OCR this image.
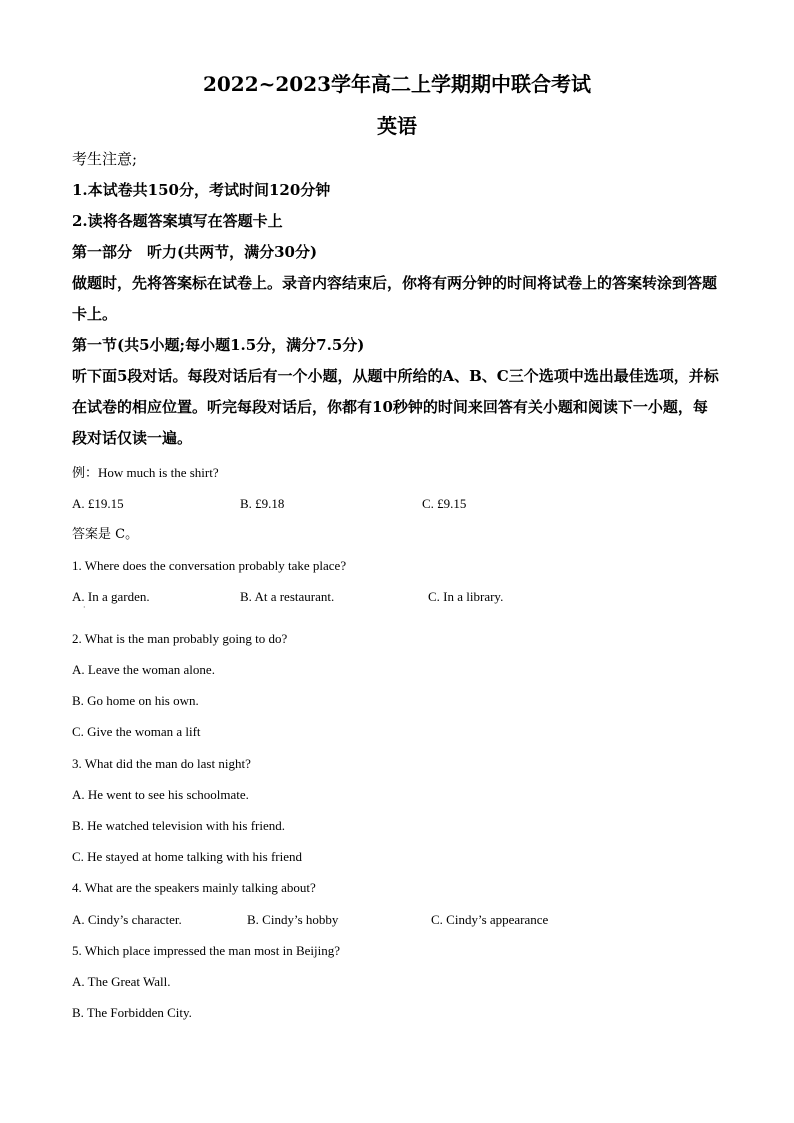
2022~2023学年高二上学期期中联合考试
英语
考生注意;
1.本试卷共150分，考试时间120分钟
2.读将各题答案填写在答题卡上
第一部分　听力(共两节，满分30分)
做题时，先将答案标在试卷上。录音内容结束后，你将有两分钟的时间将试卷上的答案转涂到答题卡上。
第一节(共5小题;每小题1.5分，满分7.5分)
听下面5段对话。每段对话后有一个小题，从题中所给的A、B、C三个选项中选出最佳选项，并标在试卷的相应位置。听完每段对话后，你都有10秒钟的时间来回答有关小题和阅读下一小题，每段对话仅读一遍。
例：How much is the shirt?
A. £19.15	B. £9.18	C. £9.15
答案是 C。
1. Where does the conversation probably take place?
A. In a garden.	B. At a restaurant.	C. In a library.
·
2. What is the man probably going to do?
A. Leave the woman alone.
B. Go home on his own.
C. Give the woman a lift
3. What did the man do last night?
A. He went to see his schoolmate.
B. He watched television with his friend.
C. He stayed at home talking with his friend
4. What are the speakers mainly talking about?
A. Cindy’s character.	B. Cindy’s hobby	C. Cindy’s appearance
5. Which place impressed the man most in Beijing?
A. The Great Wall.
B. The Forbidden City.
